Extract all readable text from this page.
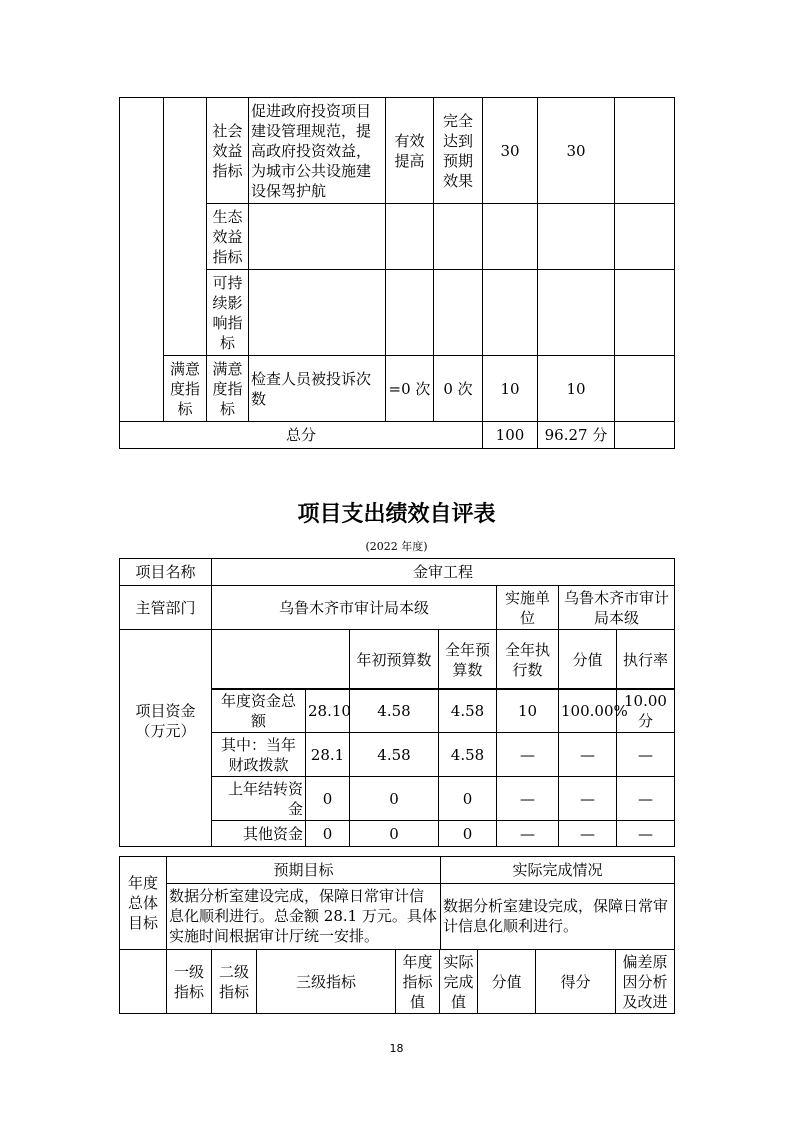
		社会效益指标	促进政府投资项目建设管理规范，提高政府投资效益，为城市公共设施建设保驾护航	有效提高	完全达到预期效果	30	30	
		生态效益指标						
		可持续影响指标						
	满意度指标	满意度指标	检查人员被投诉次数	=0 次	0 次	10	10	
总分						100	96.27 分	
项目支出绩效自评表
(2022 年度)
项目名称	金审工程						
主管部门	乌鲁木齐市审计局本级			实施单位	乌鲁木齐市审计局本级		
		年初预算数	全年预算数	全年执行数	分值	执行率	
项目资金（万元）	年度资金总额	28.10	4.58	4.58	10	100.00%	10.00分
	其中：当年财政拨款	28.1	4.58	4.58	—	—	—
	上年结转资金	0	0	0	—	—	—
	其他资金	0	0	0	—	—	—
年度总体目标	预期目标	实际完成情况
	数据分析室建设完成，保障日常审计信息化顺利进行。总金额 28.1 万元。具体实施时间根据审计厅统一安排。	数据分析室建设完成，保障日常审计信息化顺利进行。
	一级指标	二级指标	三级指标	年度指标值	实际完成值	分值	得分	偏差原因分析及改进
18
